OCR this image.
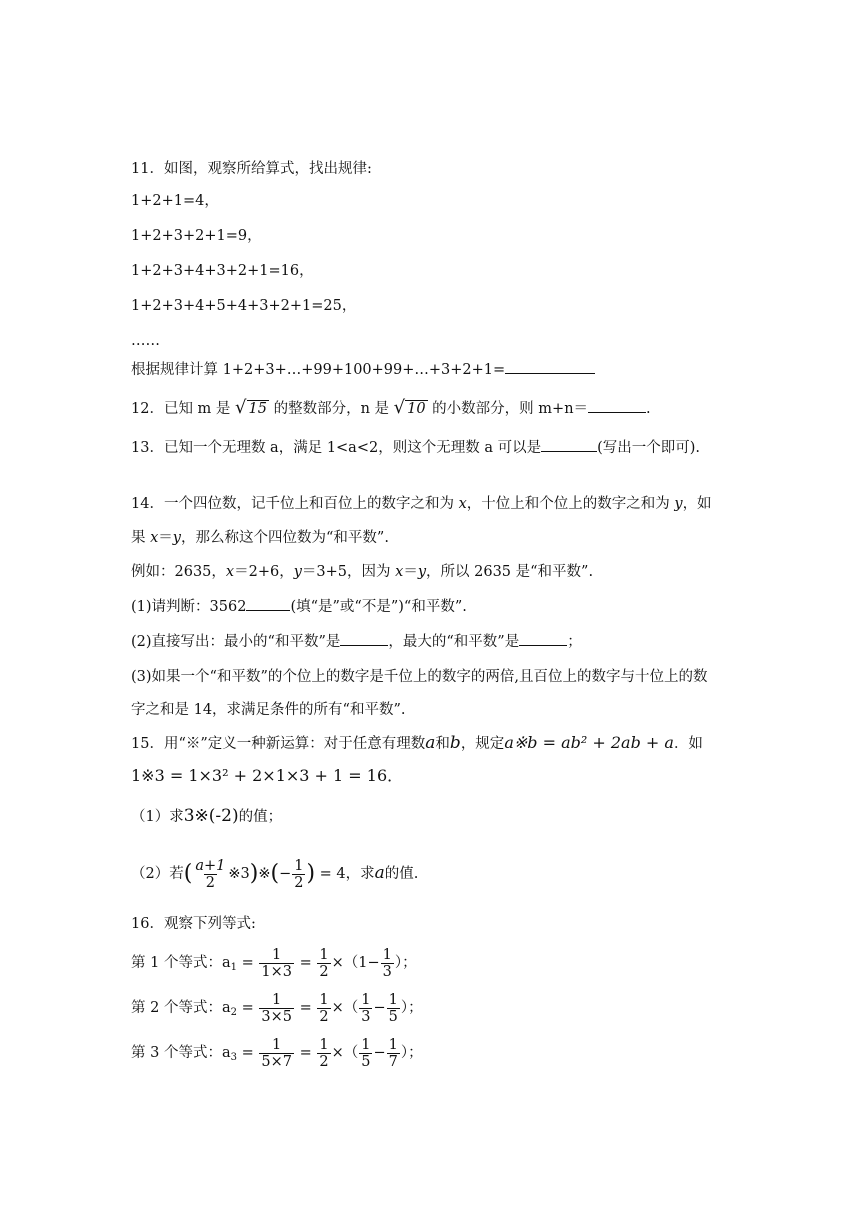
11．如图，观察所给算式，找出规律:
1+2+1=4，
1+2+3+2+1=9，
1+2+3+4+3+2+1=16，
1+2+3+4+5+4+3+2+1=25，
……
根据规律计算 1+2+3+…+99+100+99+…+3+2+1=
12．已知 m 是 √ 15 的整数部分，n 是 √ 10 的小数部分，则 m+n＝	.
13．已知一个无理数 a，满足 1<a<2，则这个无理数 a 可以是	(写出一个即可).
14．一个四位数，记千位上和百位上的数字之和为 x，十位上和个位上的数字之和为 y，如
果 x＝y，那么称这个四位数为“和平数”.
例如：2635，x＝2+6，y＝3+5，因为 x＝y，所以 2635 是“和平数”.
(1)请判断：3562	(填“是”或“不是”)“和平数”.
(2)直接写出：最小的“和平数”是	，最大的“和平数”是	；
(3)如果一个“和平数”的个位上的数字是千位上的数字的两倍,且百位上的数字与十位上的数
字之和是 14，求满足条件的所有“和平数”.
15．用“※”定义一种新运算：对于任意有理数a和b，规定a※b = ab² + 2ab + a．如
1※3 = 1×3² + 2×1×3 + 1 = 16．
（1）求3※(-2)的值；
（2）若( $\frac{a+1}{2}$ ※3)※(− $\frac{1}{2}$ ) = 4，求a的值.
16．观察下列等式:
第 1 个等式：$a_1 = \frac{1}{1\times 3} = \frac{1}{2} \times(1- \frac{1}{3}$ ）；
第 2 个等式：$a_2 = \frac{1}{3\times 5} = \frac{1}{2}$ ×（ $\frac{1}{3} - \frac{1}{5}$ ）；
第 3 个等式：$a_3 = \frac{1}{5\times 7} = \frac{1}{2}$ ×（ $\frac{1}{5} - \frac{1}{7}$ ）；
